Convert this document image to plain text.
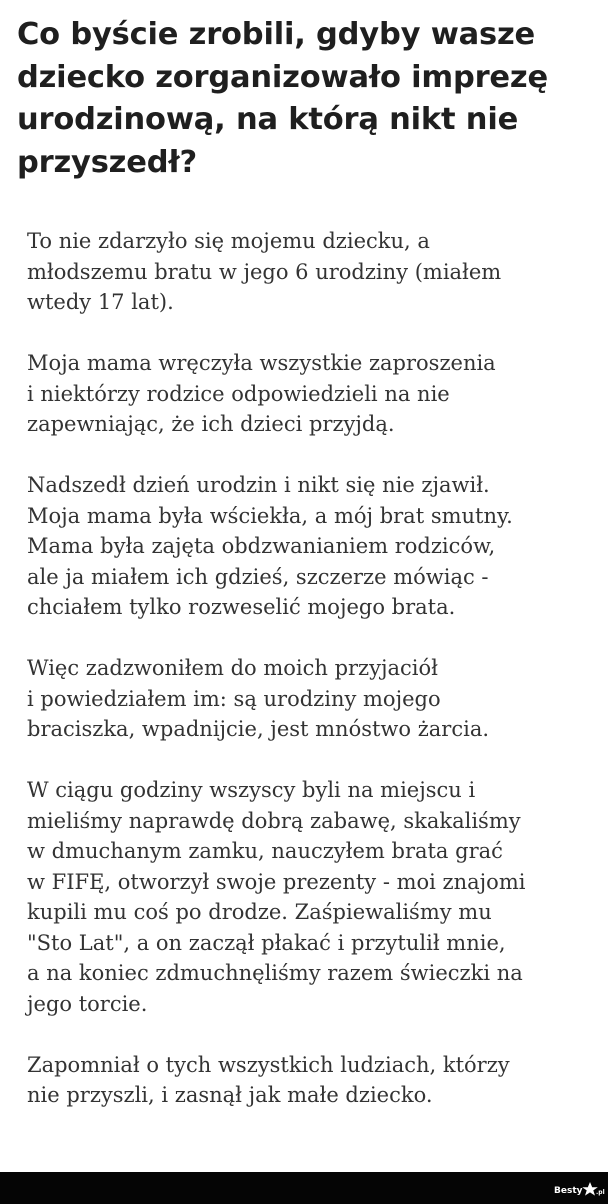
Co byście zrobili, gdyby wasze
dziecko zorganizowało imprezę
urodzinową, na którą nikt nie
przyszedł?

To nie zdarzyło się mojemu dziecku, a
młodszemu bratu w jego 6 urodziny (miałem
wtedy 17 lat).

Moja mama wręczyła wszystkie zaproszenia
i niektórzy rodzice odpowiedzieli na nie
zapewniając, że ich dzieci przyjdą.

Nadszedł dzień urodzin i nikt się nie zjawił.
Moja mama była wściekła, a mój brat smutny.
Mama była zajęta obdzwanianiem rodziców,
ale ja miałem ich gdzieś, szczerze mówiąc -
chciałem tylko rozweselić mojego brata.

Więc zadzwoniłem do moich przyjaciół
i powiedziałem im: są urodziny mojego
braciszka, wpadnijcie, jest mnóstwo żarcia.

W ciągu godziny wszyscy byli na miejscu i
mieliśmy naprawdę dobrą zabawę, skakaliśmy
w dmuchanym zamku, nauczyłem brata grać
w FIFĘ, otworzył swoje prezenty - moi znajomi
kupili mu coś po drodze. Zaśpiewaliśmy mu
"Sto Lat", a on zaczął płakać i przytulił mnie,
a na koniec zdmuchnęliśmy razem świeczki na
jego torcie.

Zapomniał o tych wszystkich ludziach, którzy
nie przyszli, i zasnął jak małe dziecko.

Besty .pl
